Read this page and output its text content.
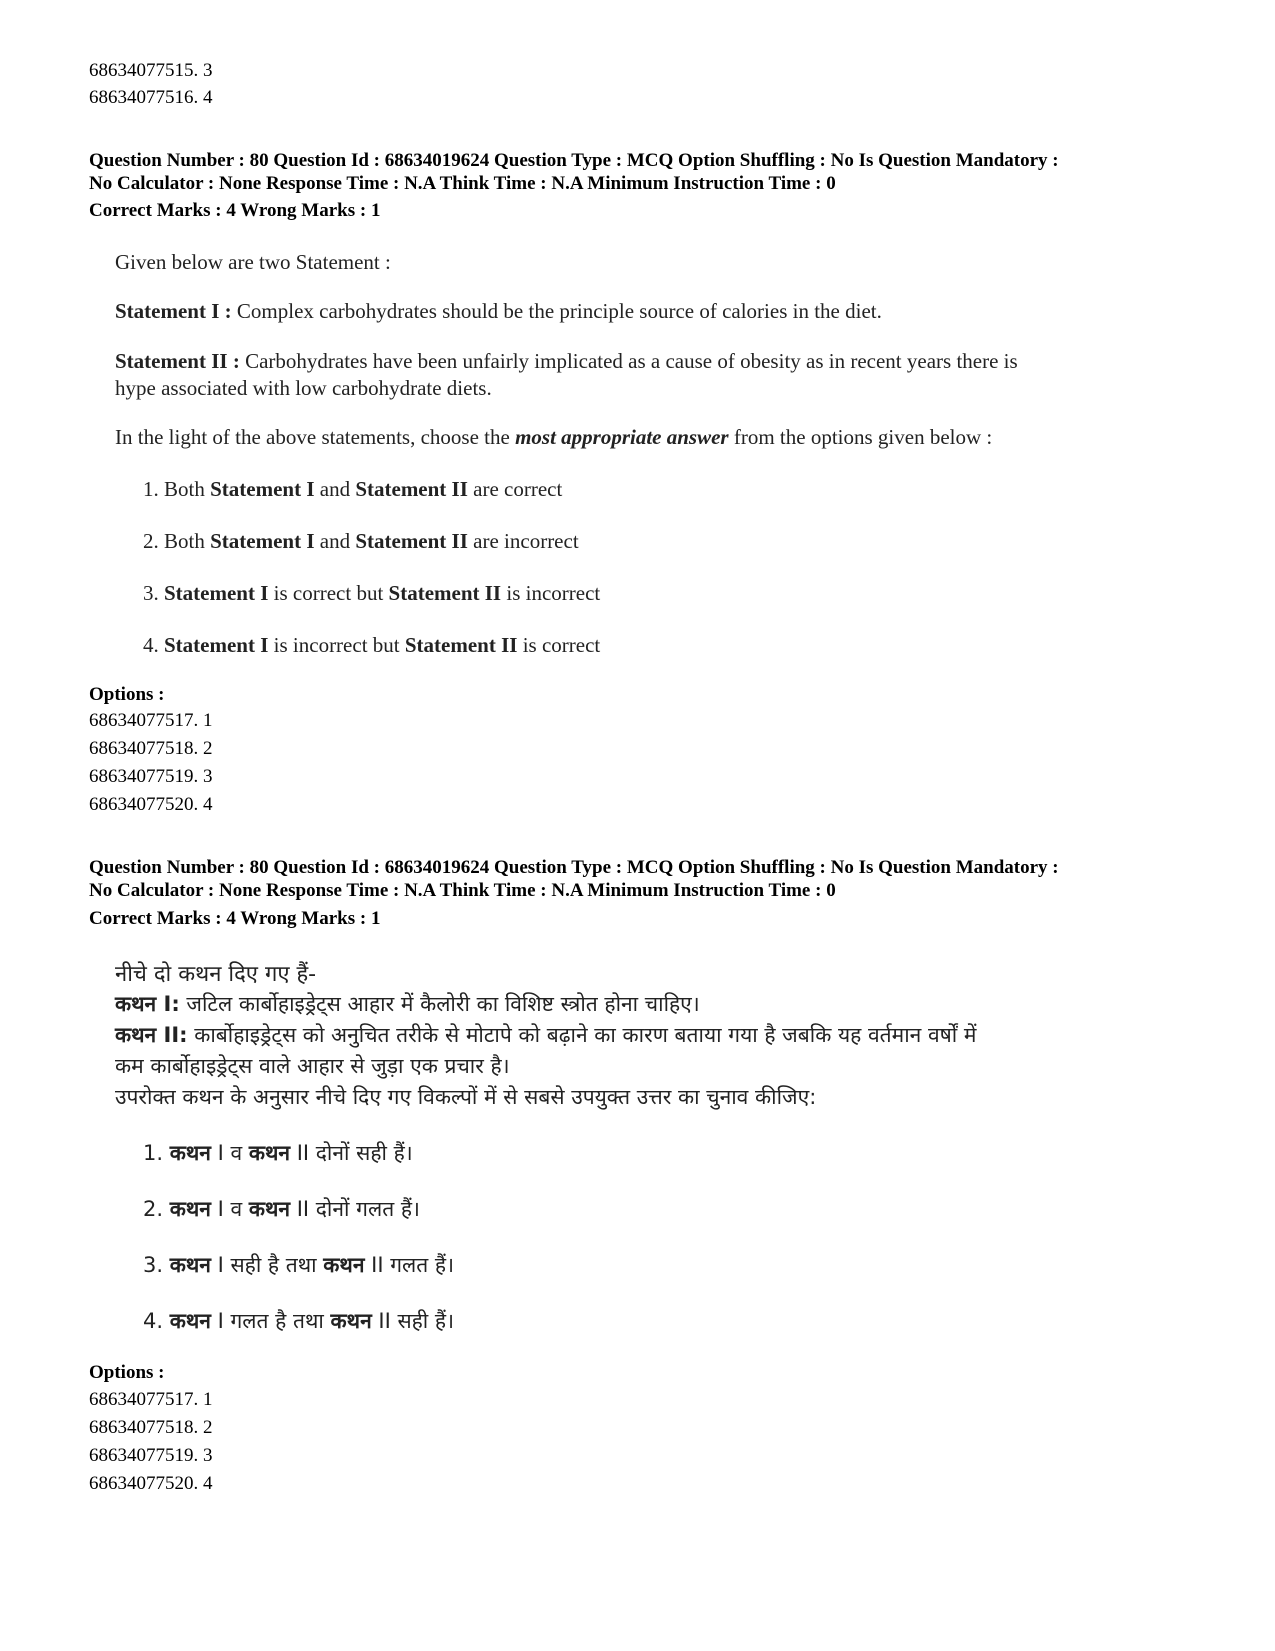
68634077515. 3
68634077516. 4
Question Number : 80 Question Id : 68634019624 Question Type : MCQ Option Shuffling : No Is Question Mandatory :
No Calculator : None Response Time : N.A Think Time : N.A Minimum Instruction Time : 0
Correct Marks : 4 Wrong Marks : 1
Given below are two Statement :
Statement I : Complex carbohydrates should be the principle source of calories in the diet.
Statement II : Carbohydrates have been unfairly implicated as a cause of obesity as in recent years there is
hype associated with low carbohydrate diets.
In the light of the above statements, choose the most appropriate answer from the options given below :
1. Both Statement I and Statement II are correct
2. Both Statement I and Statement II are incorrect
3. Statement I is correct but Statement II is incorrect
4. Statement I is incorrect but Statement II is correct
Options :
68634077517. 1
68634077518. 2
68634077519. 3
68634077520. 4
Question Number : 80 Question Id : 68634019624 Question Type : MCQ Option Shuffling : No Is Question Mandatory :
No Calculator : None Response Time : N.A Think Time : N.A Minimum Instruction Time : 0
Correct Marks : 4 Wrong Marks : 1
नीचे दो कथन दिए गए हैं-
कथन I: जटिल कार्बोहाइड्रेट्स आहार में कैलोरी का विशिष्ट स्त्रोत होना चाहिए।
कथन II: कार्बोहाइड्रेट्स को अनुचित तरीके से मोटापे को बढ़ाने का कारण बताया गया है जबकि यह वर्तमान वर्षों में
कम कार्बोहाइड्रेट्स वाले आहार से जुड़ा एक प्रचार है।
उपरोक्त कथन के अनुसार नीचे दिए गए विकल्पों में से सबसे उपयुक्त उत्तर का चुनाव कीजिए:
1. कथन I व कथन II दोनों सही हैं।
2. कथन I व कथन II दोनों गलत हैं।
3. कथन I सही है तथा कथन II गलत हैं।
4. कथन I गलत है तथा कथन II सही हैं।
Options :
68634077517. 1
68634077518. 2
68634077519. 3
68634077520. 4
